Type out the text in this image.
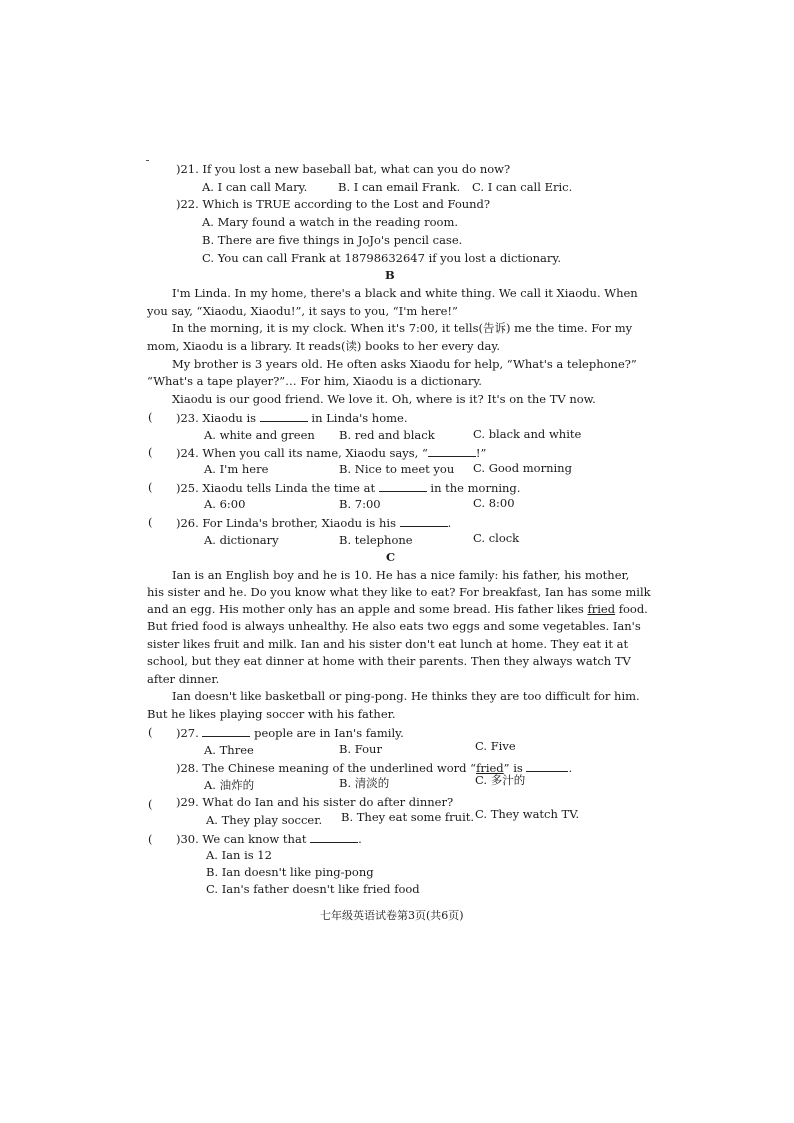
)21. If you lost a new baseball bat, what can you do now?
A. I can call Mary.	B. I can email Frank. C. I can call Eric.
)22. Which is TRUE according to the Lost and Found?
A. Mary found a watch in the reading room.
B. There are five things in JoJo's pencil case.
C. You can call Frank at 18798632647 if you lost a dictionary.
B
I'm Linda. In my home, there's a black and white thing. We call it Xiaodu. When
you say, “Xiaodu, Xiaodu!”, it says to you, “I'm here!”
In the morning, it is my clock. When it's 7:00, it tells(告诉) me the time. For my
mom, Xiaodu is a library. It reads(读) books to her every day.
My brother is 3 years old. He often asks Xiaodu for help, “What's a telephone?”
“What's a tape player?”… For him, Xiaodu is a dictionary.
Xiaodu is our good friend. We love it. Oh, where is it? It's on the TV now.
( )23. Xiaodu is	in Linda's home.
A. white and green B. red and black	C. black and white
( )24. When you call its name, Xiaodu says, “	!”
A. I'm here	B. Nice to meet you C. Good morning
( )25. Xiaodu tells Linda the time at	in the morning.
A. 6:00	B. 7:00	C. 8:00
( )26. For Linda's brother, Xiaodu is his	.
A. dictionary	B. telephone	C. clock
C
Ian is an English boy and he is 10. He has a nice family: his father, his mother,
his sister and he. Do you know what they like to eat? For breakfast, Ian has some milk
and an egg. His mother only has an apple and some bread. His father likes fried food.
But fried food is always unhealthy. He also eats two eggs and some vegetables. Ian's
sister likes fruit and milk. Ian and his sister don't eat lunch at home. They eat it at
school, but they eat dinner at home with their parents. Then they always watch TV
after dinner.
Ian doesn't like basketball or ping-pong. He thinks they are too difficult for him.
But he likes playing soccer with his father.
( )27.	people are in Ian's family.
A. Three	B. Four	C. Five
)28. The Chinese meaning of the underlined word “fried” is	.
A. 油炸的	B. 清淡的	C. 多汁的
( )29. What do Ian and his sister do after dinner?
A. They play soccer. B. They eat some fruit. C. They watch TV.
( )30. We can know that	.
A. Ian is 12
B. Ian doesn't like ping-pong
C. Ian's father doesn't like fried food
七年级英语试卷第3页(共6页)
